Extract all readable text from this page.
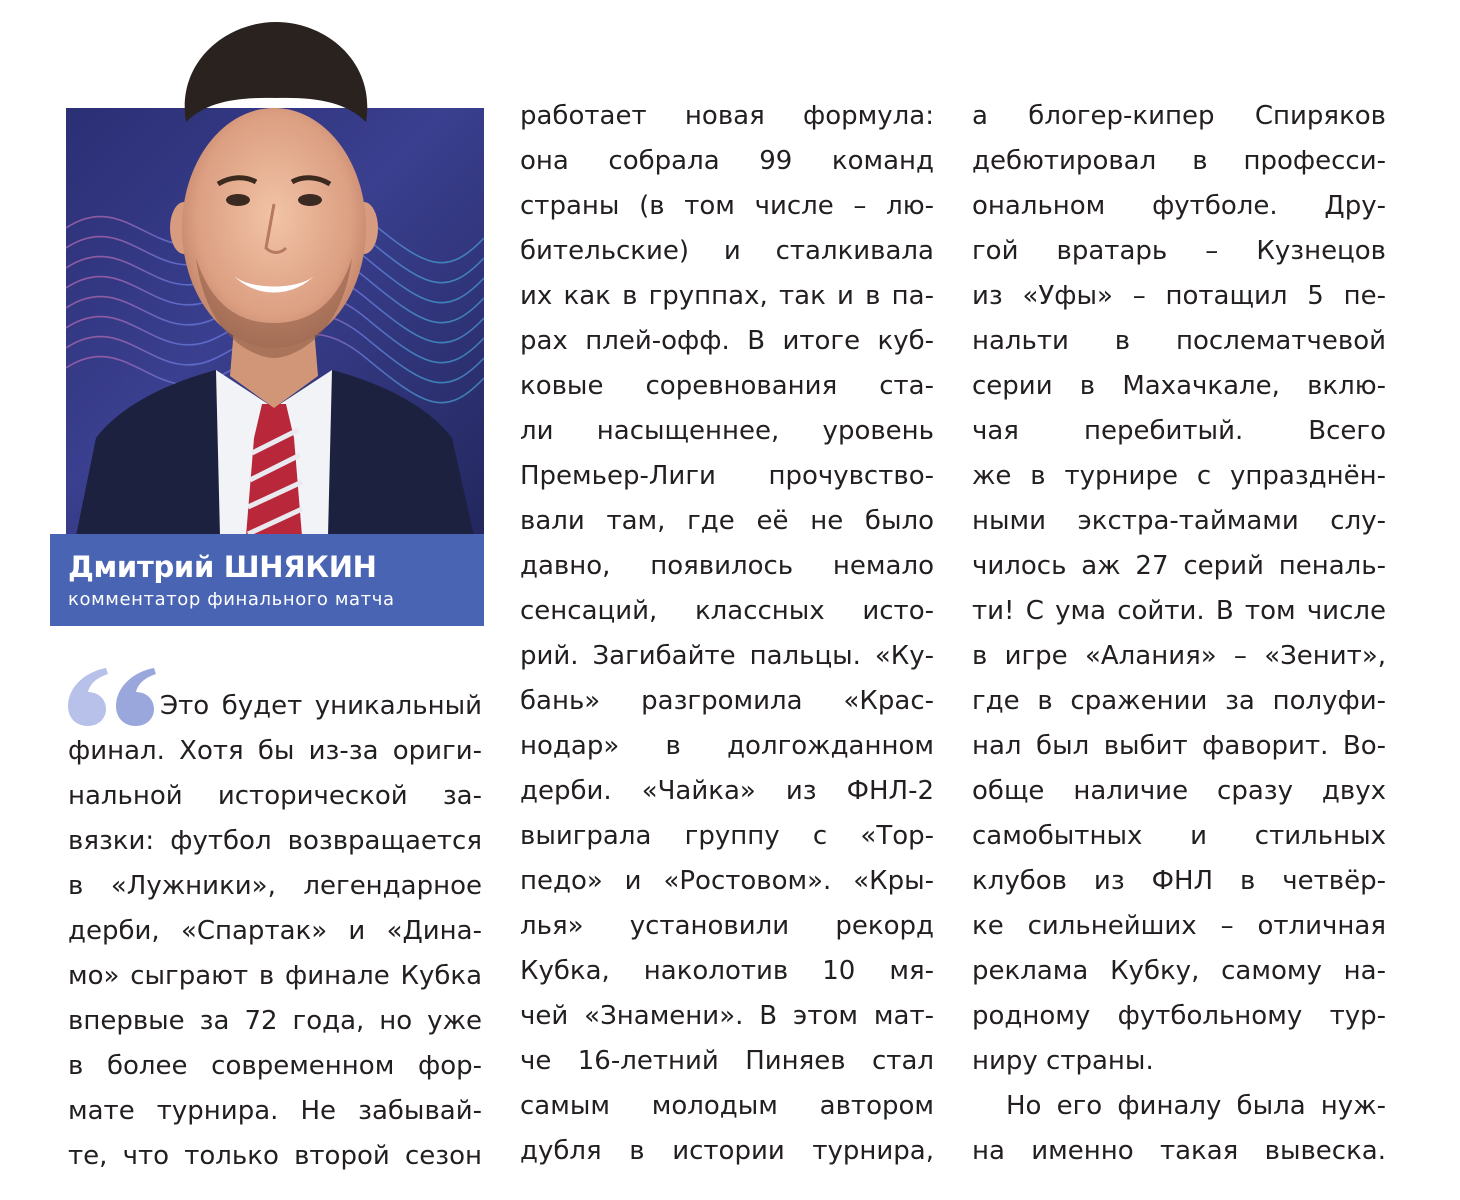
Дмитрий ШНЯКИН
комментатор финального матча
Это будет уникальный
финал. Хотя бы из-за ориги-
нальной исторической за-
вязки: футбол возвращается
в «Лужники», легендарное
дерби, «Спартак» и «Дина-
мо» сыграют в финале Кубка
впервые за 72 года, но уже
в более современном фор-
мате турнира. Не забывай-
те, что только второй сезон
работает новая формула:
она собрала 99 команд
страны (в том числе – лю-
бительские) и сталкивала
их как в группах, так и в па-
рах плей-офф. В итоге куб-
ковые соревнования ста-
ли насыщеннее, уровень
Премьер-Лиги прочувство-
вали там, где её не было
давно, появилось немало
сенсаций, классных исто-
рий. Загибайте пальцы. «Ку-
бань» разгромила «Крас-
нодар» в долгожданном
дерби. «Чайка» из ФНЛ-2
выиграла группу с «Тор-
педо» и «Ростовом». «Кры-
лья» установили рекорд
Кубка, наколотив 10 мя-
чей «Знамени». В этом мат-
че 16-летний Пиняев стал
самым молодым автором
дубля в истории турнира,
а блогер-кипер Спиряков
дебютировал в професси-
ональном футболе. Дру-
гой вратарь – Кузнецов
из «Уфы» – потащил 5 пе-
нальти в послематчевой
серии в Махачкале, вклю-
чая перебитый. Всего
же в турнире с упразднён-
ными экстра-таймами слу-
чилось аж 27 серий пеналь-
ти! С ума сойти. В том числе
в игре «Алания» – «Зенит»,
где в сражении за полуфи-
нал был выбит фаворит. Во-
обще наличие сразу двух
самобытных и стильных
клубов из ФНЛ в четвёр-
ке сильнейших – отличная
реклама Кубку, самому на-
родному футбольному тур-
ниру страны.
Но его финалу была нуж-
на именно такая вывеска.
